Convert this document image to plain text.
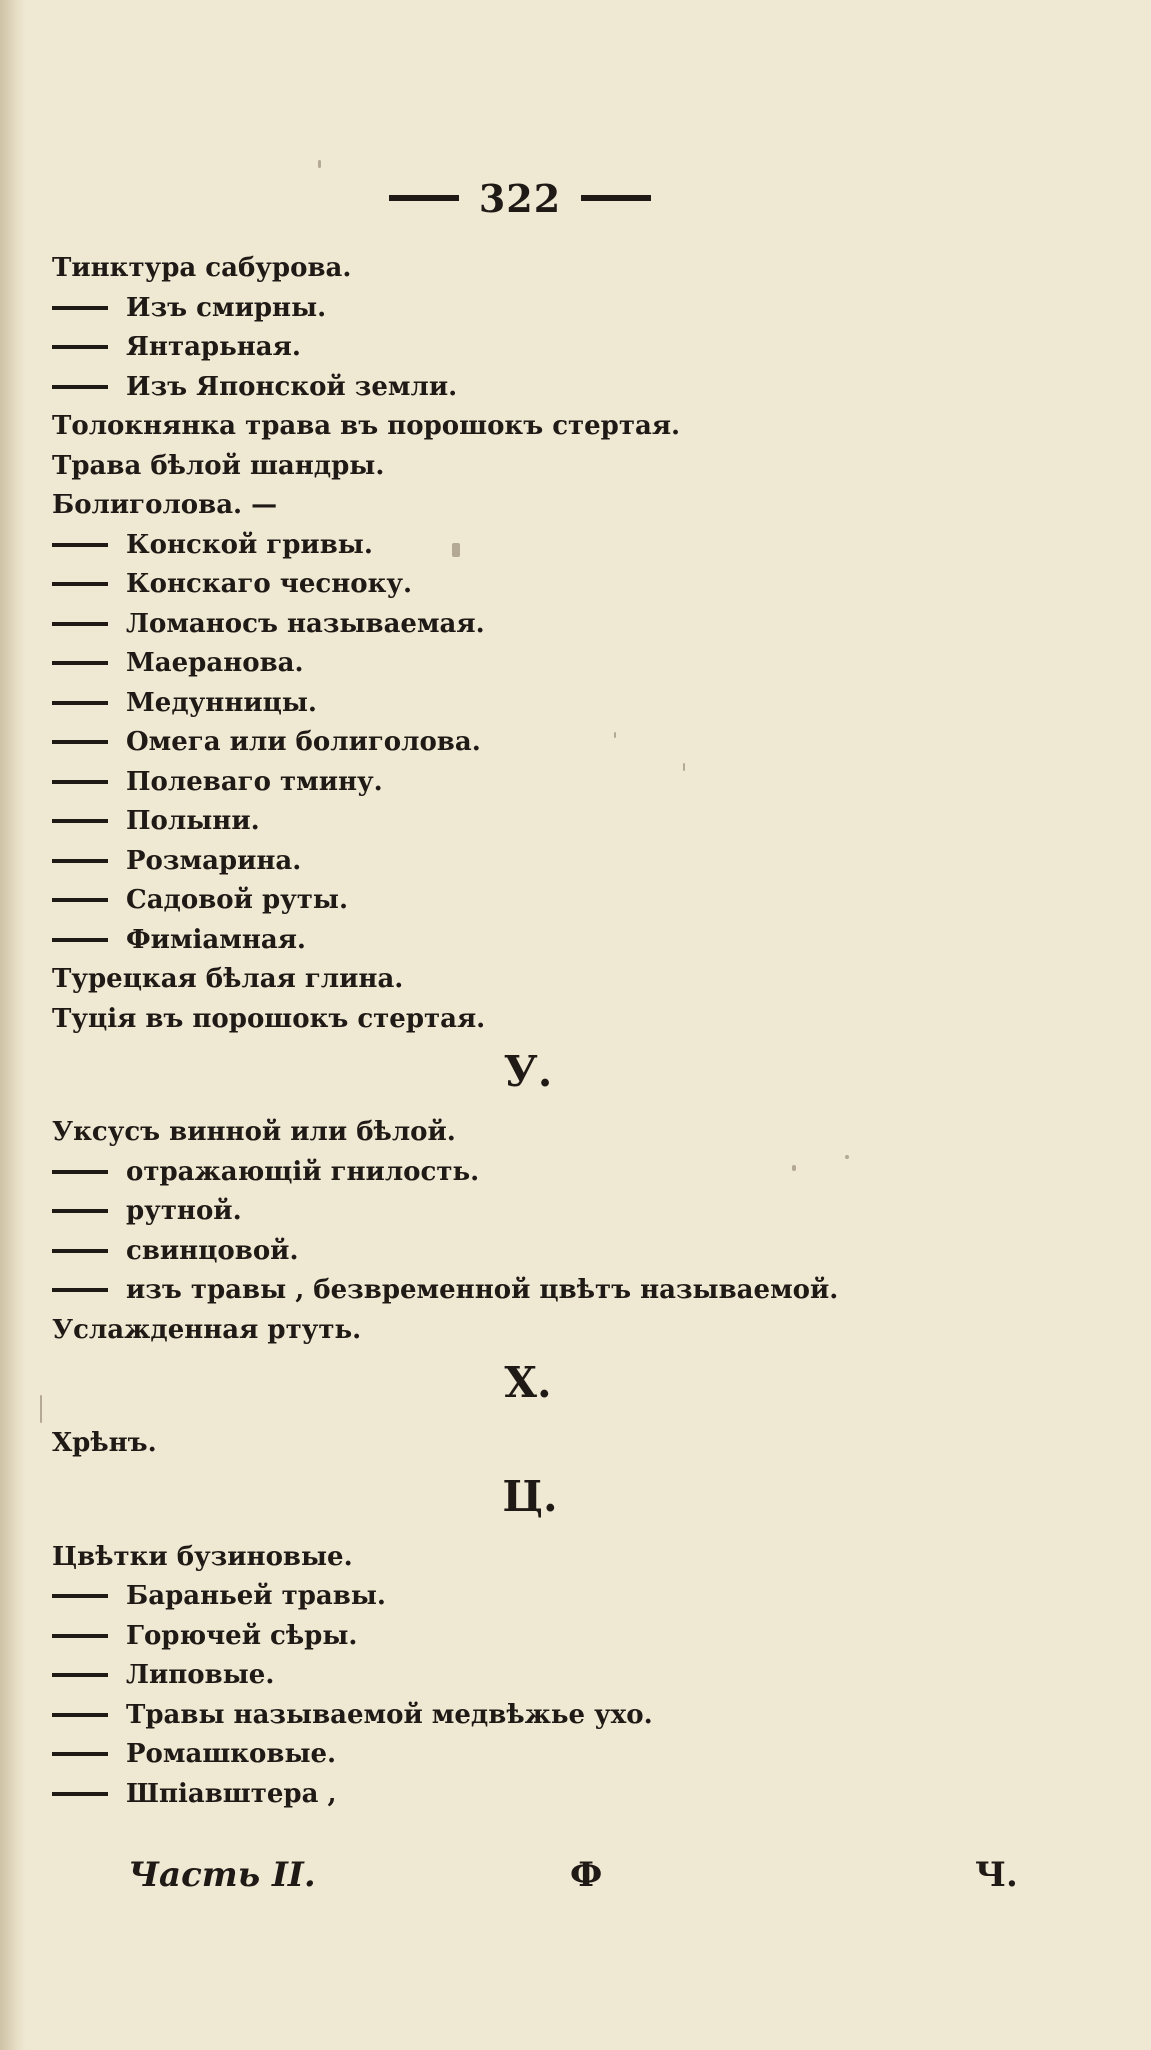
322
Тинктура сабурова.
Изъ смирны.
Янтарьная.
Изъ Японской земли.
Толокнянка трава въ порошокъ стертая.
Трава бѣлой шандры.
Болиголова. —
Конской гривы.
Конскаго чесноку.
Ломаносъ называемая.
Маеранова.
Медунницы.
Омега или болиголова.
Полеваго тмину.
Полыни.
Розмарина.
Садовой руты.
Фиміамная.
Турецкая бѣлая глина.
Туція въ порошокъ стертая.
У.
Уксусъ винной или бѣлой.
отражающій гнилость.
рутной.
свинцовой.
изъ травы , безвременной цвѣтъ называемой.
Услажденная ртуть.
Х.
Хрѣнъ.
Ц.
Цвѣтки бузиновые.
Бараньей травы.
Горючей сѣры.
Липовые.
Травы называемой медвѣжье ухо.
Ромашковые.
Шпіавштера ,
Часть II.	Ф	Ч.
